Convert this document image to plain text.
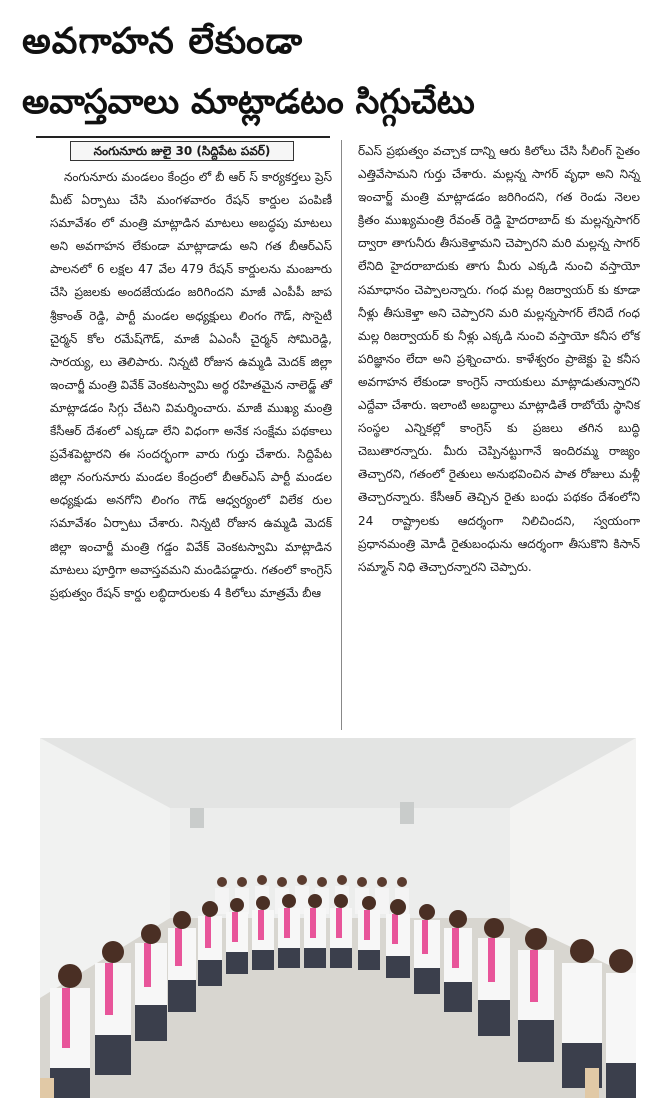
అవగాహన లేకుండా
అవాస్తవాలు మాట్లాడటం సిగ్గుచేటు
నంగునూరు జులై 30 (సిద్దిపేట పవర్)

నంగునూరు మండలం కేంద్రం లో బీ ఆర్ స్ కార్యకర్తలు ప్రెస్ మీట్ ఏర్పాటు చేసి మంగళవారం రేషన్ కార్డుల పంపిణీ సమావేశం లో మంత్రి మాట్లాడిన మాటలు అబద్ధపు మాటలు అని అవగాహన లేకుండా మాట్లాడాడు అని గత బీఆర్ఎస్ పాలనలో 6 లక్షల 47 వేల 479 రేషన్ కార్డులను మంజూరు చేసి ప్రజలకు అందజేయడం జరిగిందని మాజీ ఎంపీపీ జాప శ్రీకాంత్ రెడ్డి, పార్టీ మండల అధ్యక్షులు లింగం గౌడ్, సొసైటీ చైర్మన్ కోల రమేష్‌గౌడ్, మాజీ ఏఎంసీ చైర్మన్ సోమిరెడ్డి, సారయ్య, లు తెలిపారు. నిన్నటి రోజున ఉమ్మడి మెదక్ జిల్లా ఇంచార్జీ మంత్రి వివేక్ వెంకటస్వామి అర్థ రహితమైన నాలెడ్జ్ తో మాట్లాడడం సిగ్గు చేటని విమర్శించారు. మాజీ ముఖ్య మంత్రి కేసీఆర్ దేశంలో ఎక్కడా లేని విధంగా అనేక సంక్షేమ పథకాలు ప్రవేశపెట్టారని ఈ సందర్భంగా వారు గుర్తు చేశారు. సిద్దిపేట జిల్లా నంగునూరు మండల కేంద్రంలో బీఆర్ఎస్ పార్టీ మండల అధ్యక్షుడు అనగోని లింగం గౌడ్ ఆధ్వర్యంలో విలేక రుల సమావేశం ఏర్పాటు చేశారు. నిన్నటి రోజున ఉమ్మడి మెదక్ జిల్లా ఇంచార్జీ మంత్రి గడ్డం వివేక్ వెంకటస్వామి మాట్లాడిన మాటలు పూర్తిగా అవాస్తవమని మండిపడ్డారు. గతంలో కాంగ్రెస్ ప్రభుత్వం రేషన్ కార్డు లబ్ధిదారులకు 4 కిలోలు మాత్రమే బీఆ

ర్ఎస్ ప్రభుత్వం వచ్చాక దాన్ని ఆరు కిలోలు చేసి సీలింగ్ సైతం ఎత్తివేసామని గుర్తు చేశారు. మల్లన్న సాగర్ వృధా అని నిన్న ఇంచార్జ్ మంత్రి మాట్లాడడం జరిగిందని, గత రెండు నెలల క్రితం ముఖ్యమంత్రి రేవంత్ రెడ్డి హైదరాబాద్ కు మల్లన్నసాగర్ ద్వారా తాగునీరు తీసుకెళ్తామని చెప్పారని మరి మల్లన్న సాగర్ లేనిది హైదరాబాదుకు తాగు మీరు ఎక్కడి నుంచి వస్తాయో సమాధానం చెప్పాలన్నారు. గంధ మల్ల రిజర్వాయర్ కు కూడా నీళ్లు తీసుకెళ్తా అని చెప్పారని మరి మల్లన్నసాగర్ లేనిదే గంధ మల్ల రిజర్వాయర్ కు నీళ్లు ఎక్కడి నుంచి వస్తాయో కనీస లోక పరిజ్ఞానం లేదా అని ప్రశ్నించారు. కాళేశ్వరం ప్రాజెక్టు పై కనీస అవగాహన లేకుండా కాంగ్రెస్ నాయకులు మాట్లాడుతున్నారని ఎద్దేవా చేశారు. ఇలాంటి అబద్ధాలు మాట్లాడితే రాబోయే స్థానిక సంస్థల ఎన్నికల్లో కాంగ్రెస్ కు ప్రజలు తగిన బుద్ధి చెబుతారన్నారు. మీరు చెప్పినట్టుగానే ఇందిరమ్మ రాజ్యం తెచ్చారని, గతంలో రైతులు అనుభవించిన పాత రోజులు మళ్లీ తెచ్చారన్నారు. కేసీఆర్ తెచ్చిన రైతు బంధు పథకం దేశంలోని 24 రాష్ట్రాలకు ఆదర్శంగా నిలిచిందని, స్వయంగా ప్రధానమంత్రి మోడీ రైతుబంధును ఆదర్శంగా తీసుకొని కిసాన్ సమ్మాన్ నిధి తెచ్చారన్నారని చెప్పారు.
